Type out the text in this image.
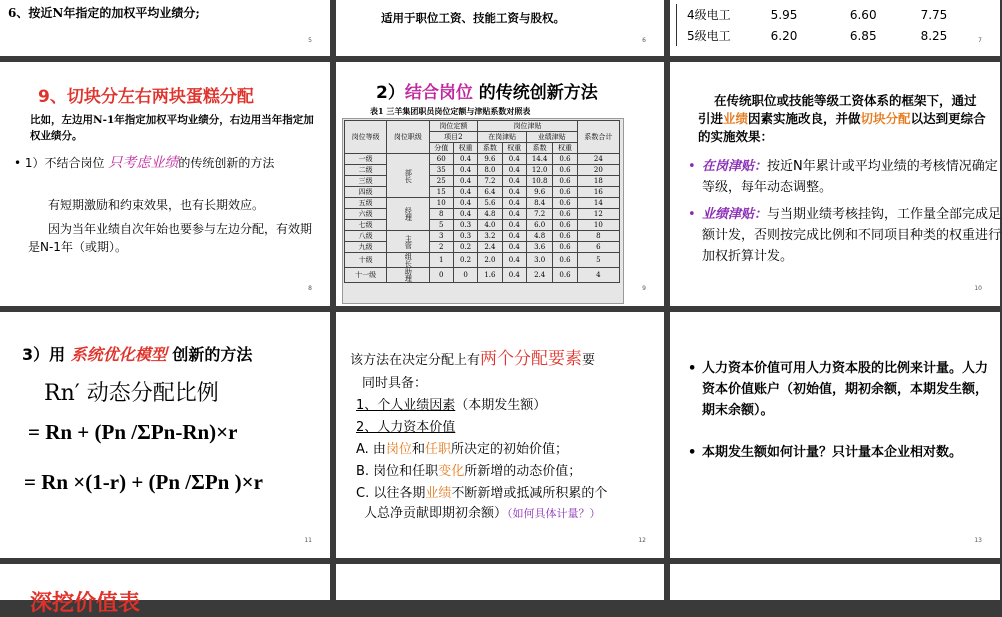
6、按近N年指定的加权平均业绩分;
5
适用于职位工资、技能工资与股权。
6
4级电工	5.95	6.60	7.75
5级电工	6.20	6.85	8.25	7
9、切块分左右两块蛋糕分配
比如，左边用N-1年指定加权平均业绩分，右边用当年指定加权业绩分。
• 1）不结合岗位 只考虑业绩的传统创新的方法
有短期激励和约束效果，也有长期效应。
因为当年业绩自次年始也要参与左边分配，有效期是N-1年（或期）。
8
2）结合岗位 的传统创新方法
表1 三羊集团职员岗位定额与津贴系数对照表
岗位等级	岗位职级	岗位定额		岗位津贴				系数合计
		项目2		在岗津贴		业绩津贴		
		分值	权重	系数	权重	系数	权重	
一级	部长	60	0.4	9.6	0.4	14.4	0.6	24
二级		35	0.4	8.0	0.4	12.0	0.6	20
三级		25	0.4	7.2	0.4	10.8	0.6	18
四级		15	0.4	6.4	0.4	9.6	0.6	16
五级	经理	10	0.4	5.6	0.4	8.4	0.6	14
六级		8	0.4	4.8	0.4	7.2	0.6	12
七级		5	0.3	4.0	0.4	6.0	0.6	10
八级	主管	3	0.3	3.2	0.4	4.8	0.6	8
九级		2	0.2	2.4	0.4	3.6	0.6	6
十级	组长	1	0.2	2.0	0.4	3.0	0.6	5
十一级	助理	0	0	1.6	0.4	2.4	0.6	4
9
在传统职位或技能等级工资体系的框架下，通过引进业绩因素实施改良，并做切块分配以达到更综合的实施效果：
• 在岗津贴：按近N年累计或平均业绩的考核情况确定等级，每年动态调整。
• 业绩津贴：与当期业绩考核挂钩，工作量全部完成足额计发，否则按完成比例和不同项目种类的权重进行加权折算计发。
10
3）用 系统优化模型 创新的方法
Rn′ 动态分配比例
= Rn + (Pn /ΣPn-Rn)×r
= Rn ×(1-r) + (Pn /ΣPn )×r
11
该方法在决定分配上有两个分配要素要
同时具备：
1、个人业绩因素（本期发生额）
2、人力资本价值
A. 由岗位和任职所决定的初始价值；
B. 岗位和任职变化所新增的动态价值；
C. 以往各期业绩不断新增或抵减所积累的个
人总净贡献即期初余额）（如何具体计量？）
12
• 人力资本价值可用人力资本股的比例来计量。人力资本价值账户（初始值，期初余额，本期发生额，期末余额）。
• 本期发生额如何计量？只计量本企业相对数。
13
深挖价值表
